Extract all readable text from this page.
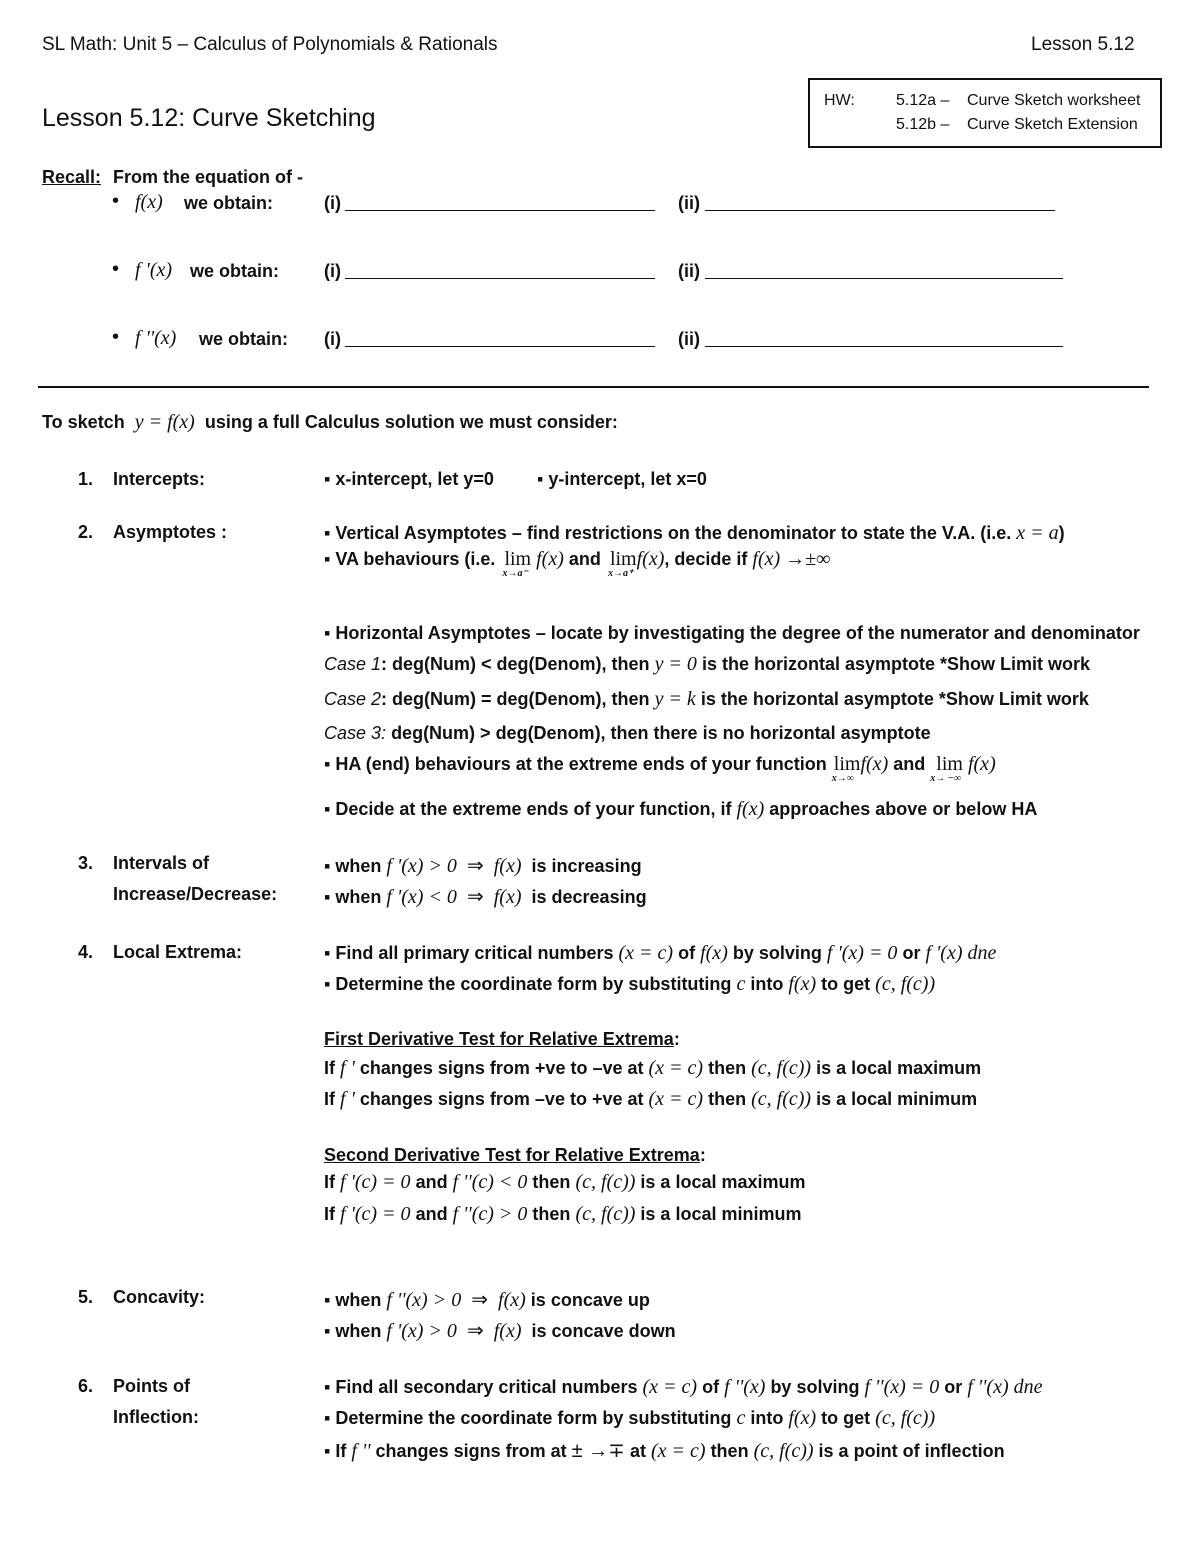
SL Math: Unit 5 – Calculus of Polynomials & Rationals	Lesson 5.12
Lesson 5.12: Curve Sketching
HW:	5.12a – Curve Sketch worksheet
5.12b – Curve Sketch Extension
Recall: From the equation of -
• f(x) we obtain:	(i)	(ii)
• f '(x) we obtain:	(i)	(ii)
• f ''(x) we obtain: (i)	(ii)
To sketch y = f(x) using a full Calculus solution we must consider:
1. Intercepts:	▪ x-intercept, let y=0 ▪ y-intercept, let x=0
2. Asymptotes :	▪ Vertical Asymptotes – find restrictions on the denominator to state the V.A. (i.e. x = a)
▪ VA behaviours (i.e. lim
x→a⁻
f(x) and lim
x→a⁺
f(x), decide if f(x) →±∞
▪ Horizontal Asymptotes – locate by investigating the degree of the numerator and denominator
Case 1: deg(Num) < deg(Denom), then y = 0 is the horizontal asymptote *Show Limit work
Case 2: deg(Num) = deg(Denom), then y = k is the horizontal asymptote *Show Limit work
Case 3: deg(Num) > deg(Denom), then there is no horizontal asymptote
▪ HA (end) behaviours at the extreme ends of your function lim
x→∞
f(x) and lim
x→ −∞
f(x)
▪ Decide at the extreme ends of your function, if f(x) approaches above or below HA
3. Intervals of
Increase/Decrease:
▪ when f '(x) > 0 ⇒ f(x) is increasing
▪ when f '(x) < 0 ⇒ f(x) is decreasing
4. Local Extrema:	▪ Find all primary critical numbers (x = c) of f(x) by solving f '(x) = 0 or f '(x) dne
▪ Determine the coordinate form by substituting c into f(x) to get (c, f(c))
First Derivative Test for Relative Extrema:
If f ' changes signs from +ve to –ve at (x = c) then (c, f(c)) is a local maximum
If f ' changes signs from –ve to +ve at (x = c) then (c, f(c)) is a local minimum
Second Derivative Test for Relative Extrema:
If f '(c) = 0 and f ''(c) < 0 then (c, f(c)) is a local maximum
If f '(c) = 0 and f ''(c) > 0 then (c, f(c)) is a local minimum
5. Concavity:	▪ when f ''(x) > 0 ⇒ f(x) is concave up
▪ when f '(x) > 0 ⇒ f(x) is concave down
6. Points of
Inflection:
▪ Find all secondary critical numbers (x = c) of f ''(x) by solving f ''(x) = 0 or f ''(x) dne
▪ Determine the coordinate form by substituting c into f(x) to get (c, f(c))
▪ If f '' changes signs from at ± →∓ at (x = c) then (c, f(c)) is a point of inflection
